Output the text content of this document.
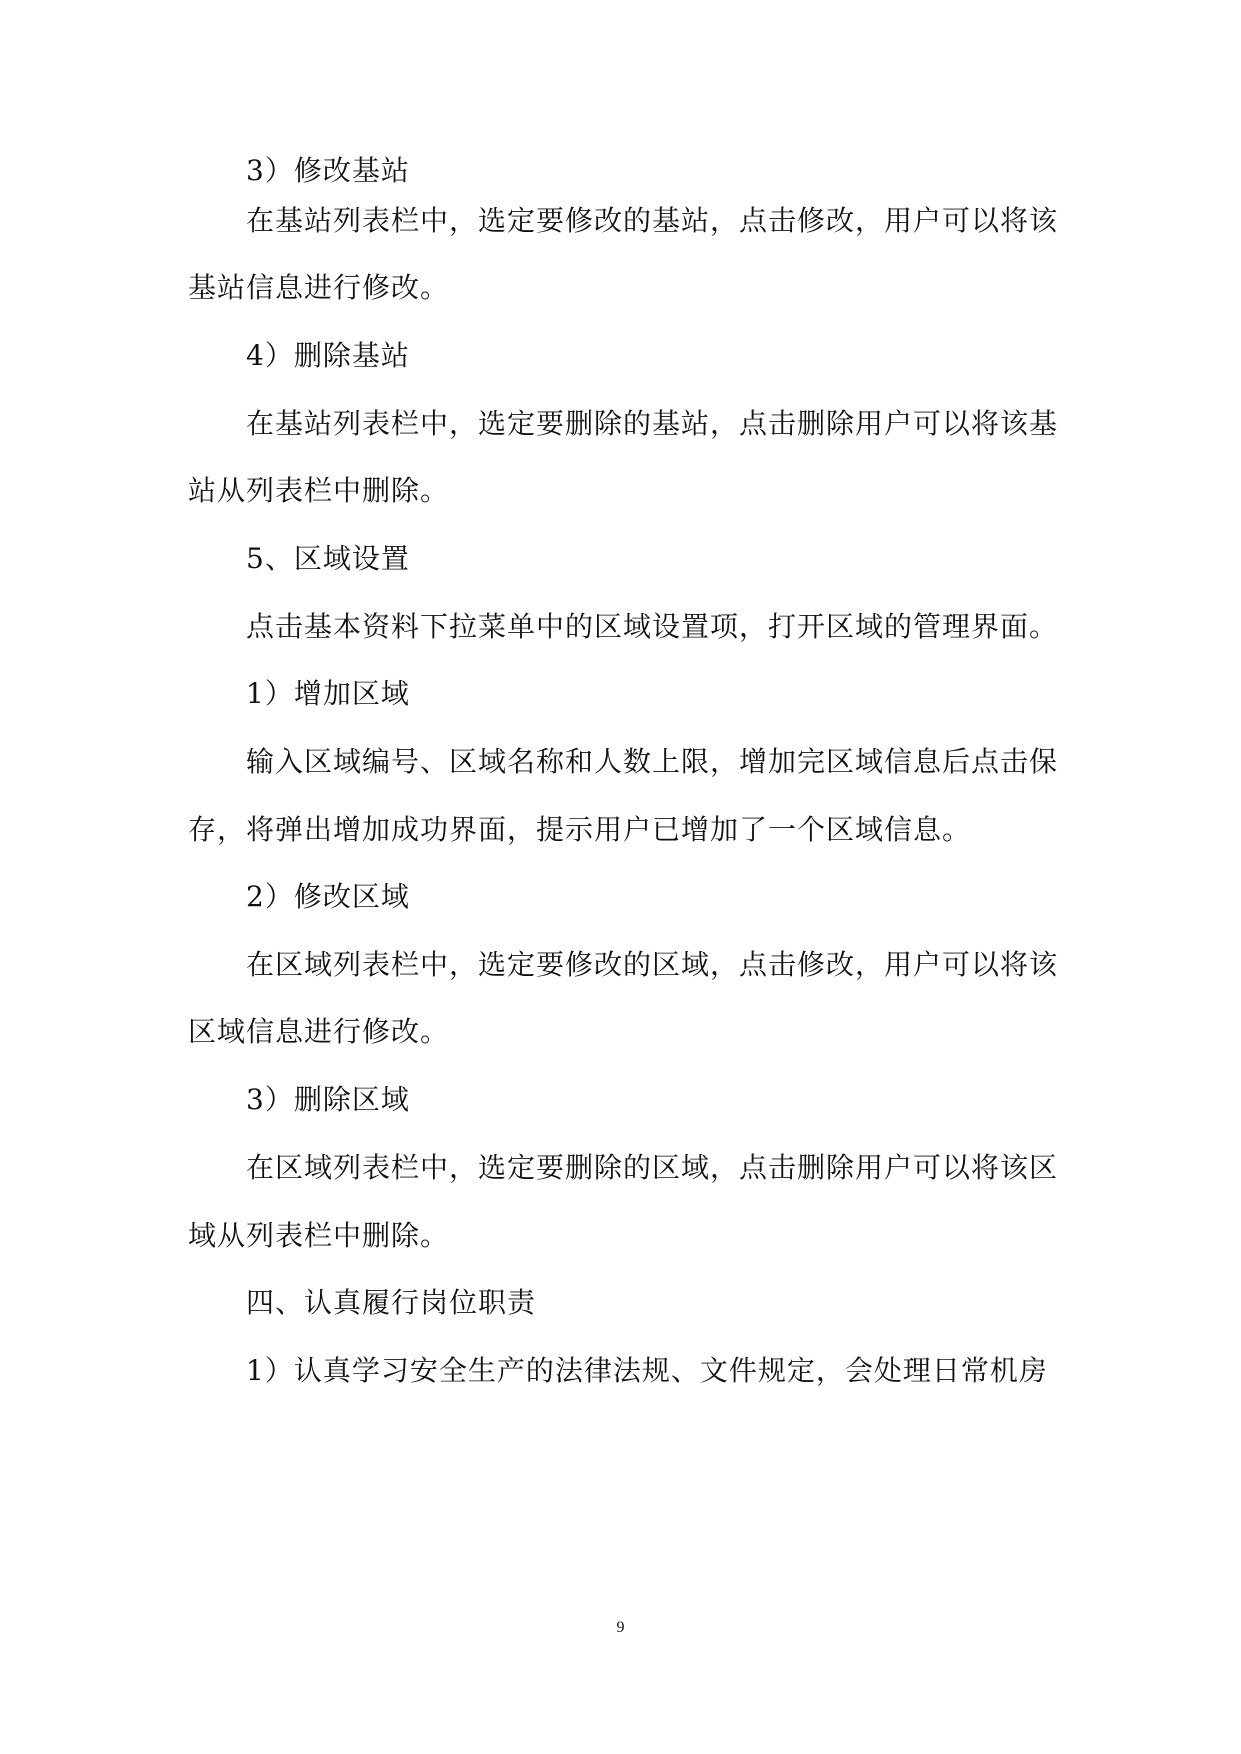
3）修改基站
在基站列表栏中，选定要修改的基站，点击修改，用户可以将该
基站信息进行修改。
4）删除基站
在基站列表栏中，选定要删除的基站，点击删除用户可以将该基
站从列表栏中删除。
5、区域设置
点击基本资料下拉菜单中的区域设置项，打开区域的管理界面。
1）增加区域
输入区域编号、区域名称和人数上限，增加完区域信息后点击保
存，将弹出增加成功界面，提示用户已增加了一个区域信息。
2）修改区域
在区域列表栏中，选定要修改的区域，点击修改，用户可以将该
区域信息进行修改。
3）删除区域
在区域列表栏中，选定要删除的区域，点击删除用户可以将该区
域从列表栏中删除。
四、认真履行岗位职责
1）认真学习安全生产的法律法规、文件规定，会处理日常机房
9
